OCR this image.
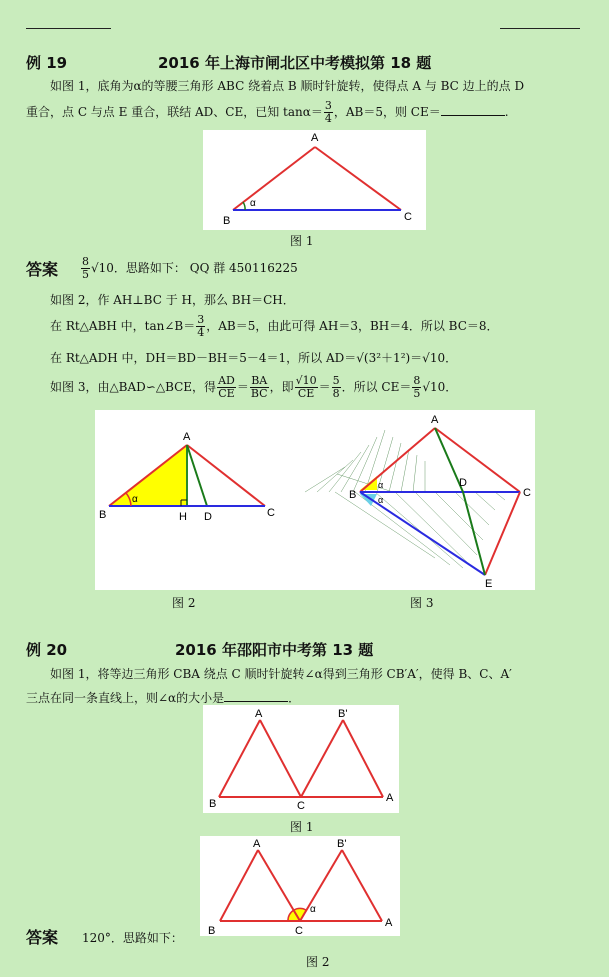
例 19	2016 年上海市闸北区中考模拟第 18 题
如图 1，底角为α的等腰三角形 ABC 绕着点 B 顺时针旋转，使得点 A 与 BC 边上的点 D
重合，点 C 与点 E 重合，联结 AD、CE，已知 $\tan\alpha= \frac{3}{4}$ ，AB＝5，则 CE＝	.
A
B	C
α
图 1
答案 $\frac{8}{5} √10$．思路如下： QQ 群 450116225
如图 2，作 AH⊥BC 于 H，那么 BH＝CH．
在 Rt△ABH 中，tan∠B＝ $\frac{3}{4}$ ，AB＝5，由此可得 AH＝3，BH＝4．所以 BC＝8．
在 Rt△ADH 中，DH＝BD－BH＝5－4＝1，所以 AD＝√(3²＋1²)＝√10．
如图 3，由△BAD∽△BCE，得 $\frac{AD}{CE} = \frac{BA}{BC}$ ，即 $\frac{√10}{CE} = \frac{5}{8}$ ．所以 $CE= \frac{8}{5} √10$．
A
B	H D	C
α
A
B
D
C
E
α
α
图 2	图 3
例 20	2016 年邵阳市中考第 13 题
如图 1，将等边三角形 CBA 绕点 C 顺时针旋转∠α得到三角形 CB′A′，使得 B、C、A′
三点在同一条直线上，则∠α的大小是	．
A	B'
B	C
A
图 1
A	B'
B	C
A
α
答案 120°．思路如下：
图 2
